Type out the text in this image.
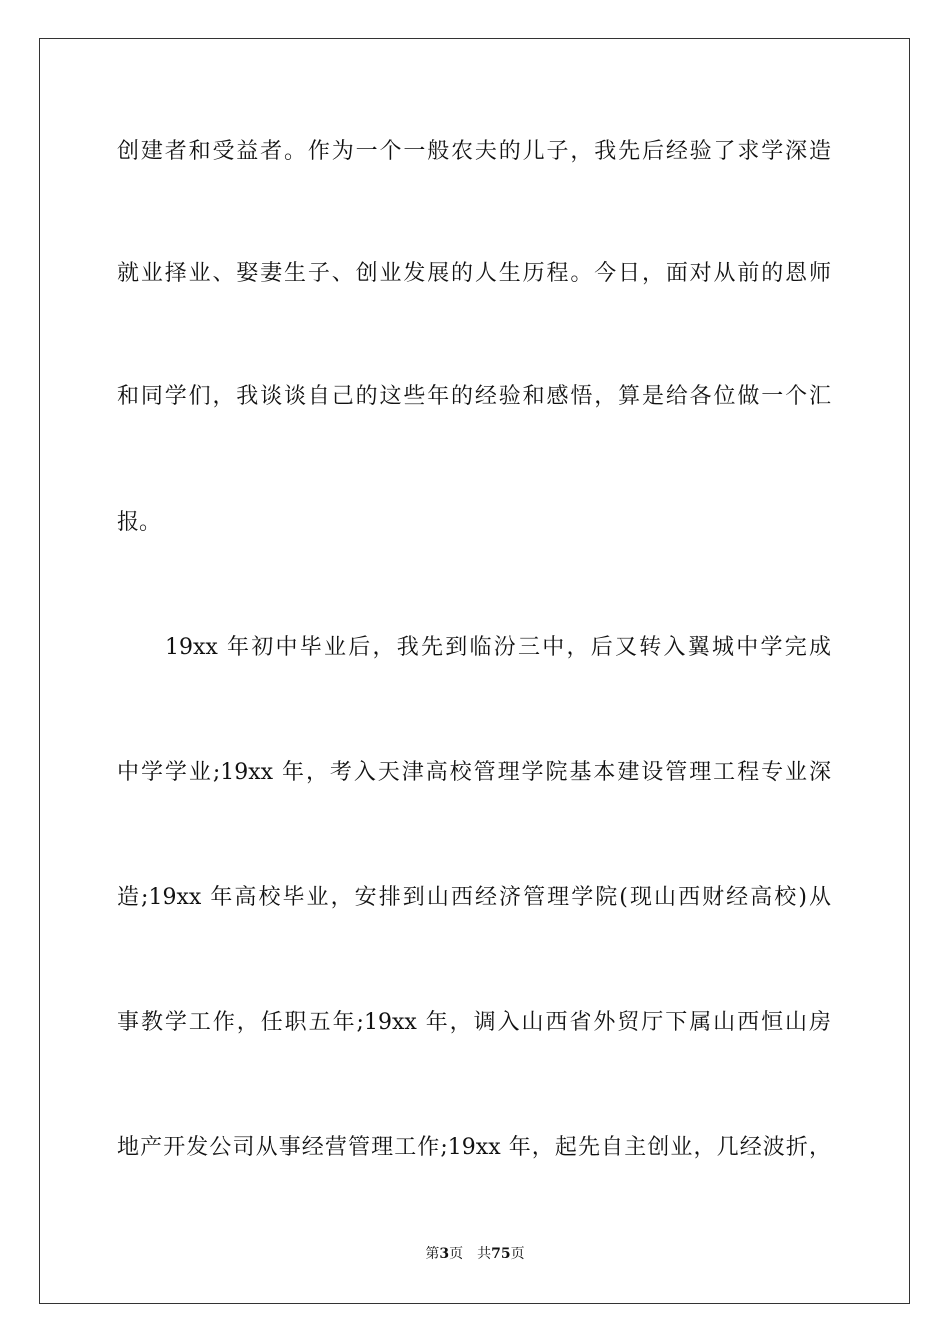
创建者和受益者。作为一个一般农夫的儿子，我先后经验了求学深造
就业择业、娶妻生子、创业发展的人生历程。今日，面对从前的恩师
和同学们，我谈谈自己的这些年的经验和感悟，算是给各位做一个汇
报。
19xx 年初中毕业后，我先到临汾三中，后又转入翼城中学完成
中学学业;19xx 年，考入天津高校管理学院基本建设管理工程专业深
造;19xx 年高校毕业，安排到山西经济管理学院(现山西财经高校)从
事教学工作，任职五年;19xx 年，调入山西省外贸厅下属山西恒山房
地产开发公司从事经营管理工作;19xx 年，起先自主创业，几经波折，
第3页 共75页
